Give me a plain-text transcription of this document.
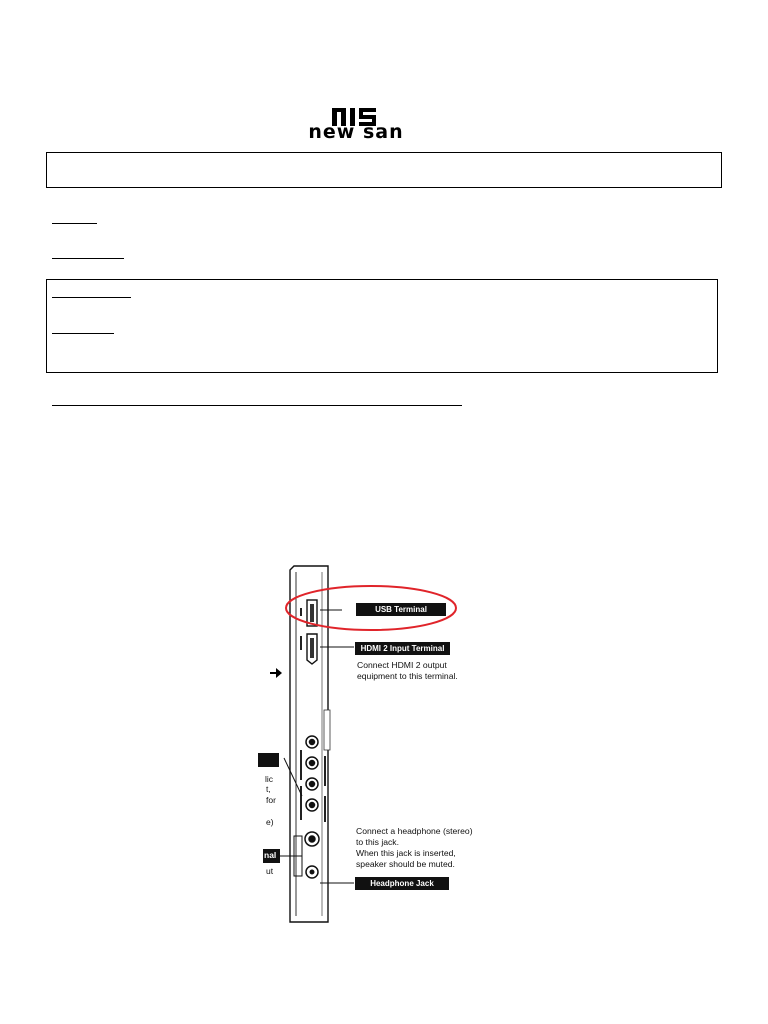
new san
nal
lic
t,
for
e)
ut
USB Terminal
HDMI 2 Input Terminal
Connect HDMI 2 output
equipment to this terminal.
Connect a headphone (stereo)
to this jack.
When this jack is inserted,
speaker should be muted.
Headphone Jack
